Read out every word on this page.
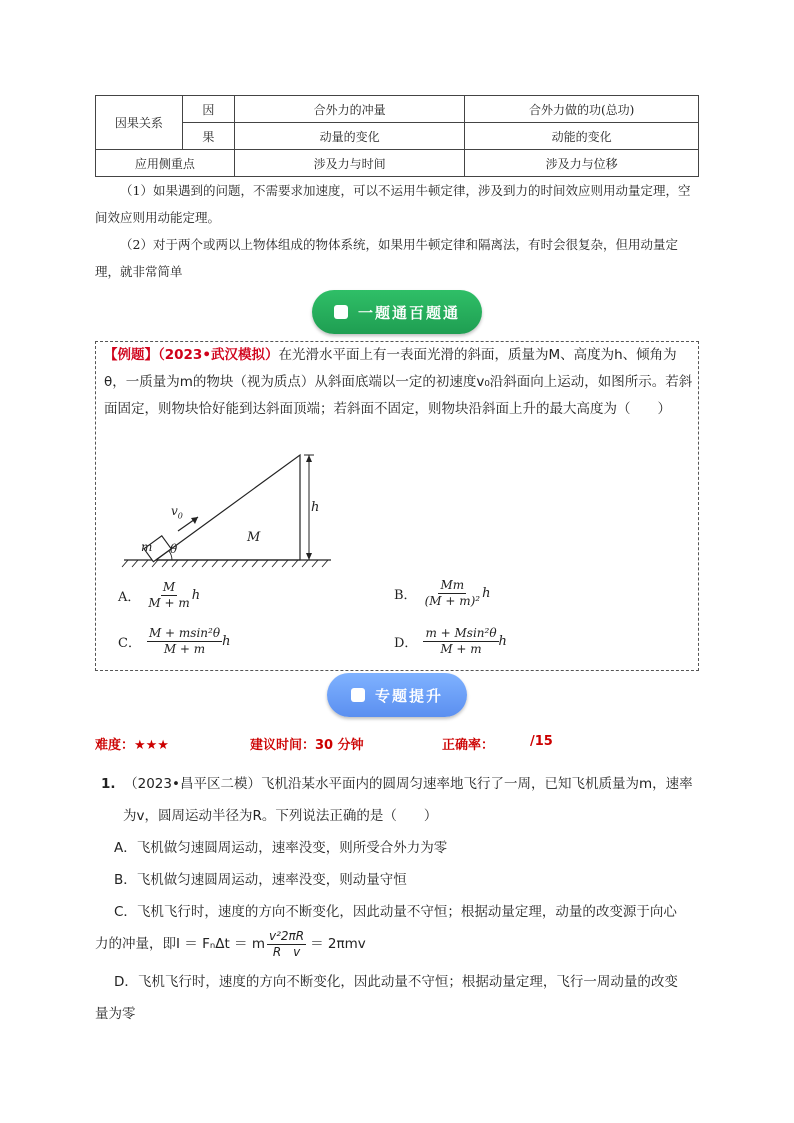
因果关系	因	合外力的冲量	合外力做的功(总功)
	果	动量的变化	动能的变化
应用侧重点		涉及力与时间	涉及力与位移
（1）如果遇到的问题，不需要求加速度，可以不运用牛顿定律，涉及到力的时间效应则用动量定理，空间效应则用动能定理。
（2）对于两个或两以上物体组成的物体系统，如果用牛顿定律和隔离法，有时会很复杂，但用动量定理，就非常简单
一题通百题通
【例题】（2023•武汉模拟）在光滑水平面上有一表面光滑的斜面，质量为M、高度为h、倾角为θ，一质量为m的物块（视为质点）从斜面底端以一定的初速度v₀沿斜面向上运动，如图所示。若斜面固定，则物块恰好能到达斜面顶端；若斜面不固定，则物块沿斜面上升的最大高度为（　　）
$v_0$
m θ
M
h
A． $\frac{M}{M + m}$ h	B． $\frac{Mm}{\text{(M + m)²}}$ h
C． $\frac{\text{M + msin²θ}}{M + m}$ h	D． $\frac{\text{m + Msin²θ}}{M + m}$ h
专题提升
难度：★★★	建议时间：30 分钟	正确率：	/15
1. （2023•昌平区二模）飞机沿某水平面内的圆周匀速率地飞行了一周，已知飞机质量为m，速率为v，圆周运动半径为R。下列说法正确的是（　　）
A．飞机做匀速圆周运动，速率没变，则所受合外力为零
B．飞机做匀速圆周运动，速率没变，则动量守恒
C．飞机飞行时，速度的方向不断变化，因此动量不守恒；根据动量定理，动量的改变源于向心
力的冲量，即I ＝ FₙΔt ＝ m $\frac{\text{v²2πR}}{\text{R　v}} = 2\pi mv$
D．飞机飞行时，速度的方向不断变化，因此动量不守恒；根据动量定理，飞行一周动量的改变
量为零
